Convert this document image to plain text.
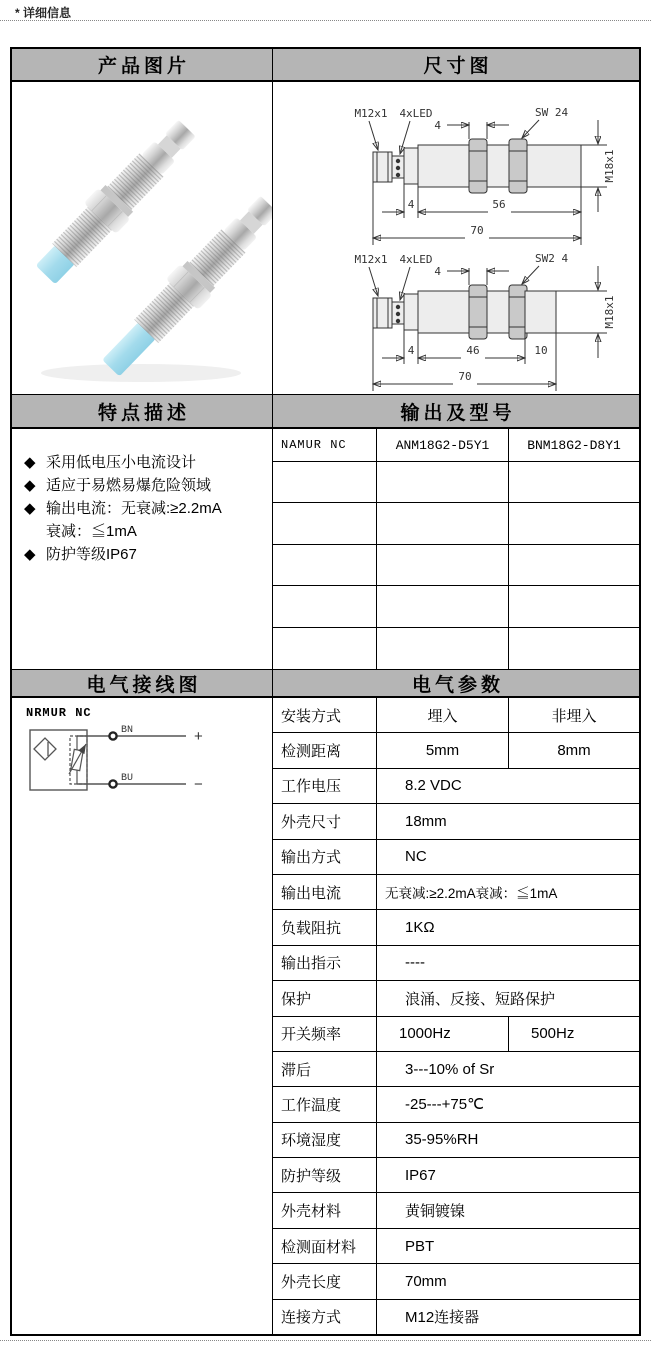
* 详细信息
产品图片	尺寸图
M12x1 4xLED
4
SW 24
M18x1
4	56
70
M12x1 4xLED
4
SW2 4
M18x1
4	46	10
70
特点描述	输出及型号
◆ 采用低电压小电流设计
◆ 适应于易燃易爆危险领域
◆ 输出电流：无衰减:≥2.2mA
衰减：≦1mA
◆ 防护等级IP67
NAMUR NC	ANM18G2-D5Y1	BNM18G2-D8Y1
电气接线图	电气参数
NRMUR NC
BN	+
BU	−
安装方式	埋入	非埋入
检测距离	5mm	8mm
工作电压	8.2 VDC
外壳尺寸	18mm
输出方式	NC
输出电流	无衰减:≥2.2mA衰减：≦1mA
负载阻抗	1KΩ
输出指示	----
保护	浪涌、反接、短路保护
开关频率	1000Hz	500Hz
滞后	3---10% of Sr
工作温度	-25---+75℃
环境湿度	35-95%RH
防护等级	IP67
外壳材料	黄铜镀镍
检测面材料	PBT
外壳长度	70mm
连接方式	M12连接器
